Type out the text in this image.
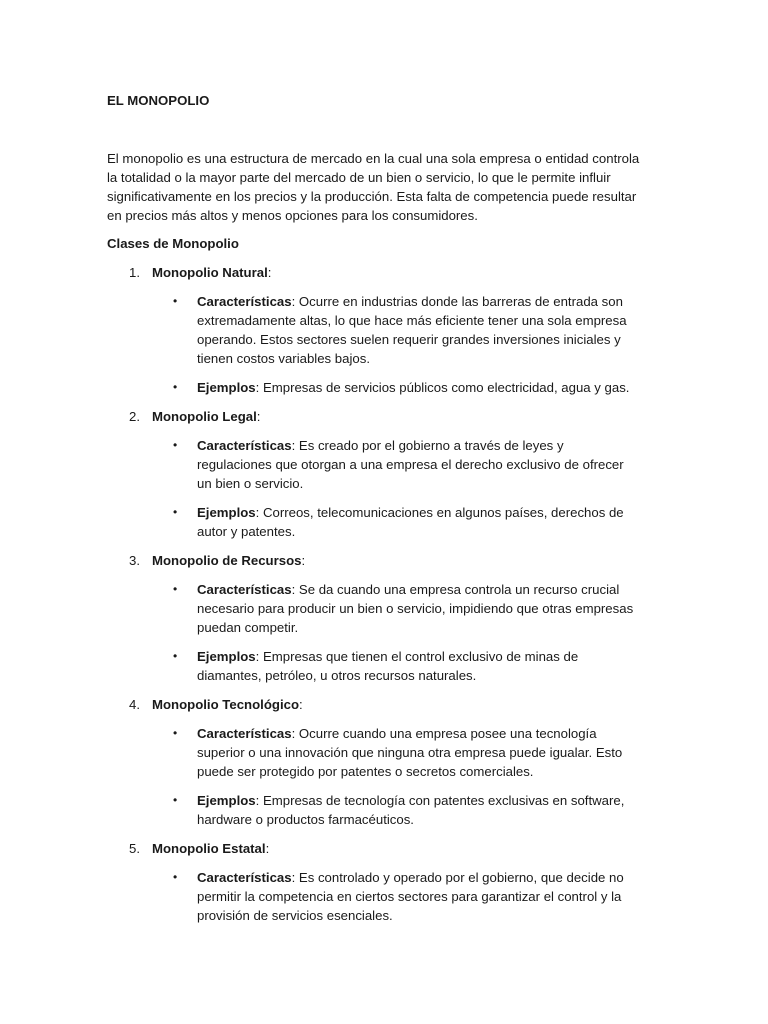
EL MONOPOLIO

El monopolio es una estructura de mercado en la cual una sola empresa o entidad controla la totalidad o la mayor parte del mercado de un bien o servicio, lo que le permite influir significativamente en los precios y la producción. Esta falta de competencia puede resultar en precios más altos y menos opciones para los consumidores.

Clases de Monopolio
1. Monopolio Natural:
• Características: Ocurre en industrias donde las barreras de entrada son extremadamente altas, lo que hace más eficiente tener una sola empresa operando. Estos sectores suelen requerir grandes inversiones iniciales y tienen costos variables bajos.
• Ejemplos: Empresas de servicios públicos como electricidad, agua y gas.
2. Monopolio Legal:
• Características: Es creado por el gobierno a través de leyes y regulaciones que otorgan a una empresa el derecho exclusivo de ofrecer un bien o servicio.
• Ejemplos: Correos, telecomunicaciones en algunos países, derechos de autor y patentes.
3. Monopolio de Recursos:
• Características: Se da cuando una empresa controla un recurso crucial necesario para producir un bien o servicio, impidiendo que otras empresas puedan competir.
• Ejemplos: Empresas que tienen el control exclusivo de minas de diamantes, petróleo, u otros recursos naturales.
4. Monopolio Tecnológico:
• Características: Ocurre cuando una empresa posee una tecnología superior o una innovación que ninguna otra empresa puede igualar. Esto puede ser protegido por patentes o secretos comerciales.
• Ejemplos: Empresas de tecnología con patentes exclusivas en software, hardware o productos farmacéuticos.
5. Monopolio Estatal:
• Características: Es controlado y operado por el gobierno, que decide no permitir la competencia en ciertos sectores para garantizar el control y la provisión de servicios esenciales.
